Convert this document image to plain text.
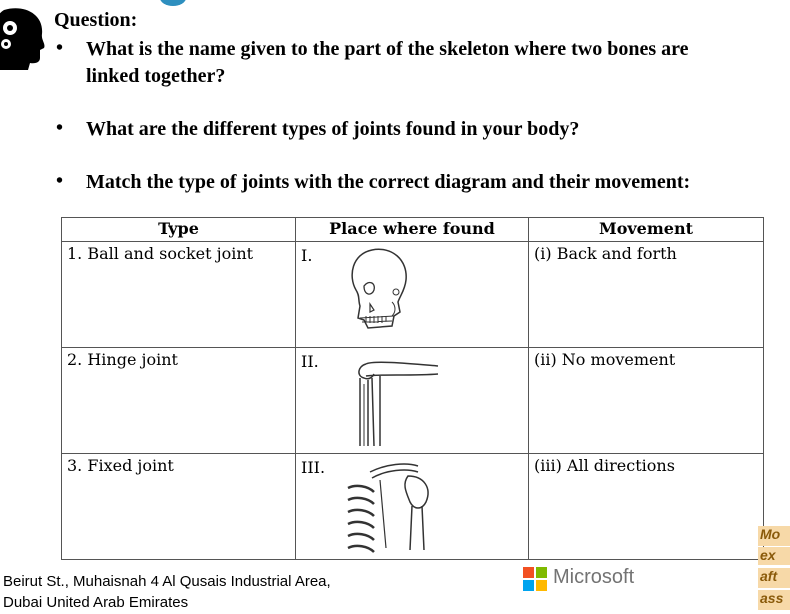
Question:
• What is the name given to the part of the skeleton where two bones are
linked together?
• What are the different types of joints found in your body?
• Match the type of joints with the correct diagram and their movement:
Type	Place where found	Movement
1. Ball and socket joint	I.	(i) Back and forth
2. Hinge joint	II.	(ii) No movement
3. Fixed joint	III.	(iii) All directions
Beirut St., Muhaisnah 4 Al Qusais Industrial Area,
Dubai United Arab Emirates
Microsoft
Mo
ex
aft
ass
